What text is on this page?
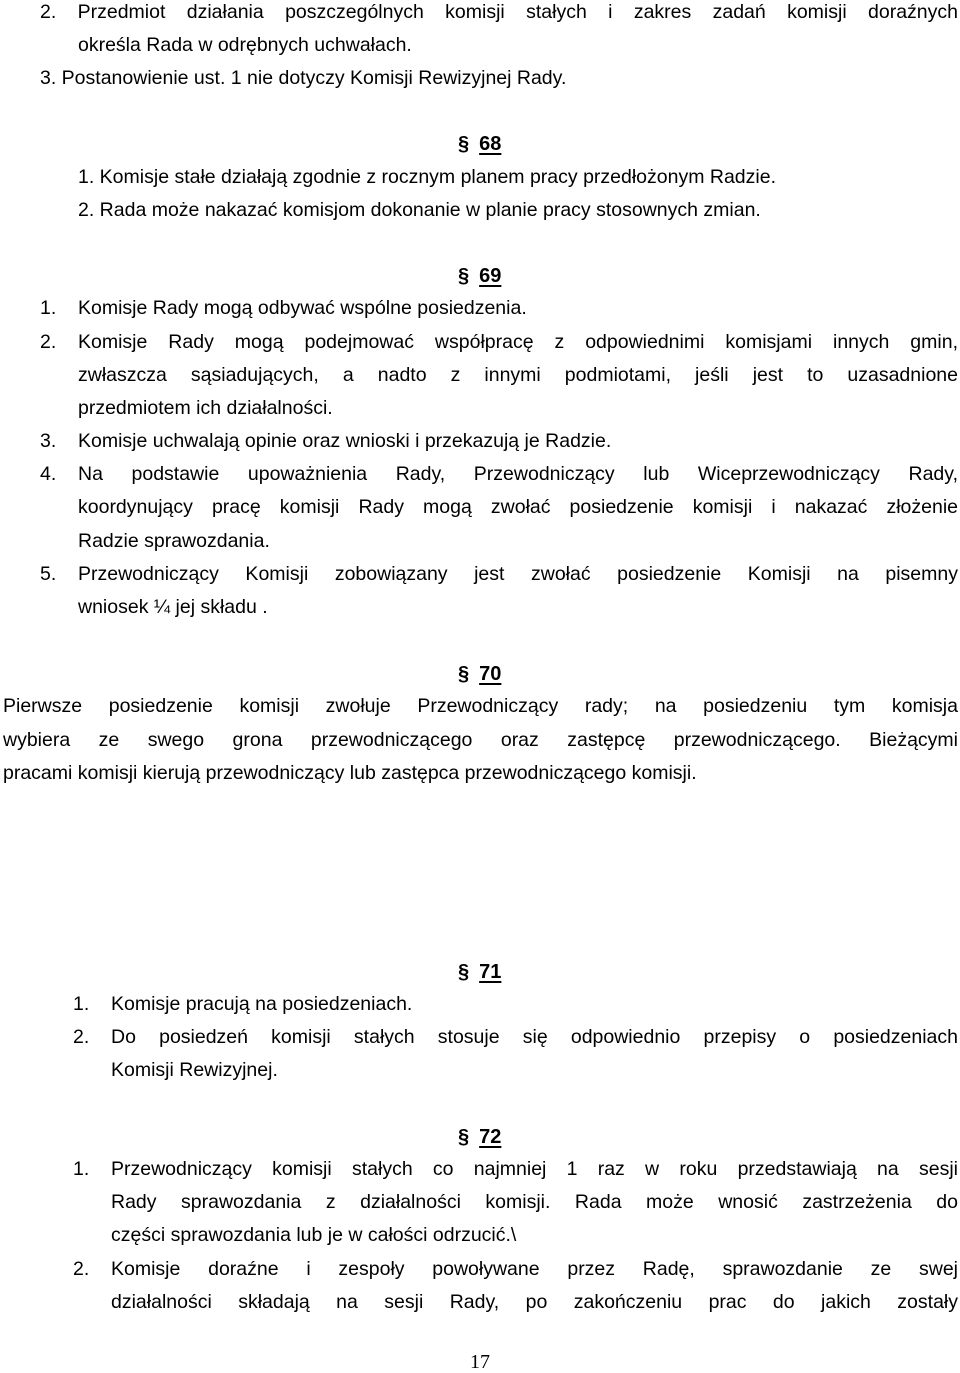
2. Przedmiot działania poszczególnych komisji stałych i zakres zadań komisji doraźnych
określa Rada w odrębnych uchwałach.
3. Postanowienie ust. 1 nie dotyczy Komisji Rewizyjnej Rady.
§ 68
1. Komisje stałe działają zgodnie z rocznym planem pracy przedłożonym Radzie.
2. Rada może nakazać komisjom dokonanie w planie pracy stosownych zmian.
§ 69
1. Komisje Rady mogą odbywać wspólne posiedzenia.
2. Komisje Rady mogą podejmować współpracę z odpowiednimi komisjami innych gmin,
zwłaszcza sąsiadujących, a nadto z innymi podmiotami, jeśli jest to uzasadnione
przedmiotem ich działalności.
3. Komisje uchwalają opinie oraz wnioski i przekazują je Radzie.
4. Na podstawie upoważnienia Rady, Przewodniczący lub Wiceprzewodniczący Rady,
koordynujący pracę komisji Rady mogą zwołać posiedzenie komisji i nakazać złożenie
Radzie sprawozdania.
5. Przewodniczący Komisji zobowiązany jest zwołać posiedzenie Komisji na pisemny
wniosek ¼ jej składu .
§ 70
Pierwsze posiedzenie komisji zwołuje Przewodniczący rady; na posiedzeniu tym komisja
wybiera ze swego grona przewodniczącego oraz zastępcę przewodniczącego. Bieżącymi
pracami komisji kierują przewodniczący lub zastępca przewodniczącego komisji.
§ 71
1. Komisje pracują na posiedzeniach.
2. Do posiedzeń komisji stałych stosuje się odpowiednio przepisy o posiedzeniach
Komisji Rewizyjnej.
§ 72
1. Przewodniczący komisji stałych co najmniej 1 raz w roku przedstawiają na sesji
Rady sprawozdania z działalności komisji. Rada może wnosić zastrzeżenia do
części sprawozdania lub je w całości odrzucić.\
2. Komisje doraźne i zespoły powoływane przez Radę, sprawozdanie ze swej
działalności składają na sesji Rady, po zakończeniu prac do jakich zostały
17
